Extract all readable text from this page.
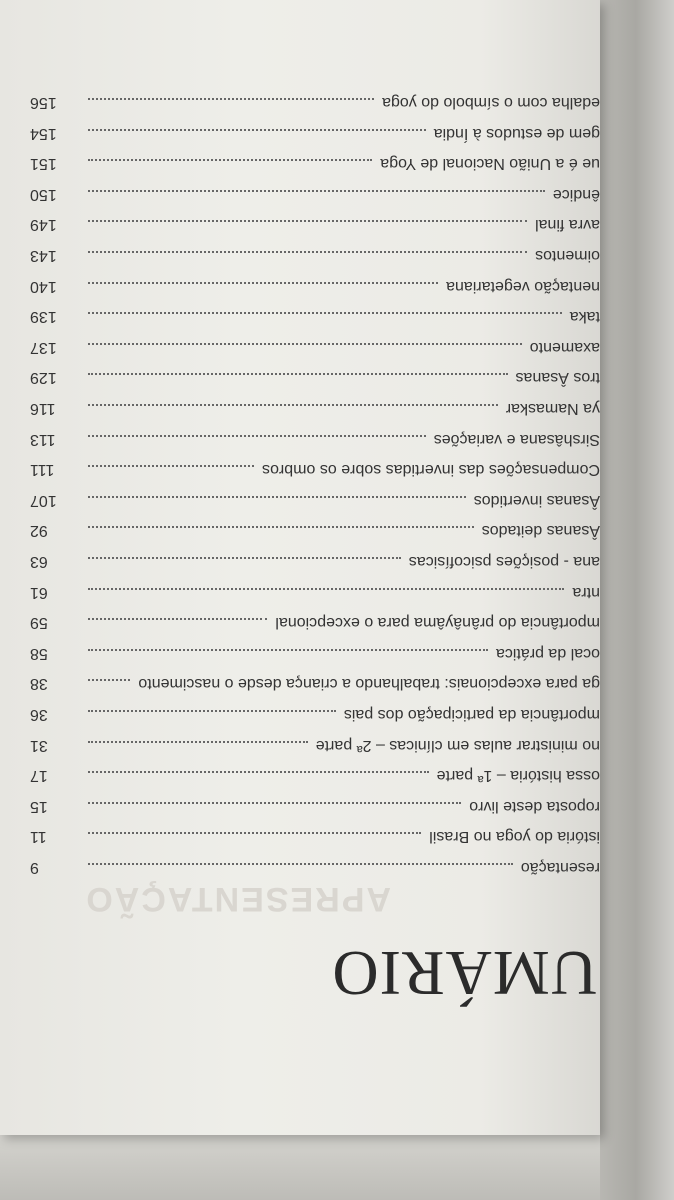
UMÁRIO
APRESENTAÇÃO
resentação
9
istória do yoga no Brasil
11
roposta deste livro
15
ossa história – 1ª parte
17
no ministrar aulas em clínicas – 2ª parte
31
mportância da participação dos pais
36
ga para excepcionais: trabalhando a criança desde o nascimento
38
ocal da prática
58
mportância do prânâyâma para o excepcional
59
ntra
61
ana - posições psicofísicas
63
Âsanas deitados
92
Âsanas invertidos
107
Compensações das invertidas sobre os ombros
111
Sirshâsana e variações
113
ya Namaskar
116
tros Âsanas
129
axamento
137
taka
139
nentação vegetariana
140
oimentos
143
avra final
149
êndice
150
ue é a União Nacional de Yoga
151
gem de estudos à Índia
154
edalha com o símbolo do yoga
156
